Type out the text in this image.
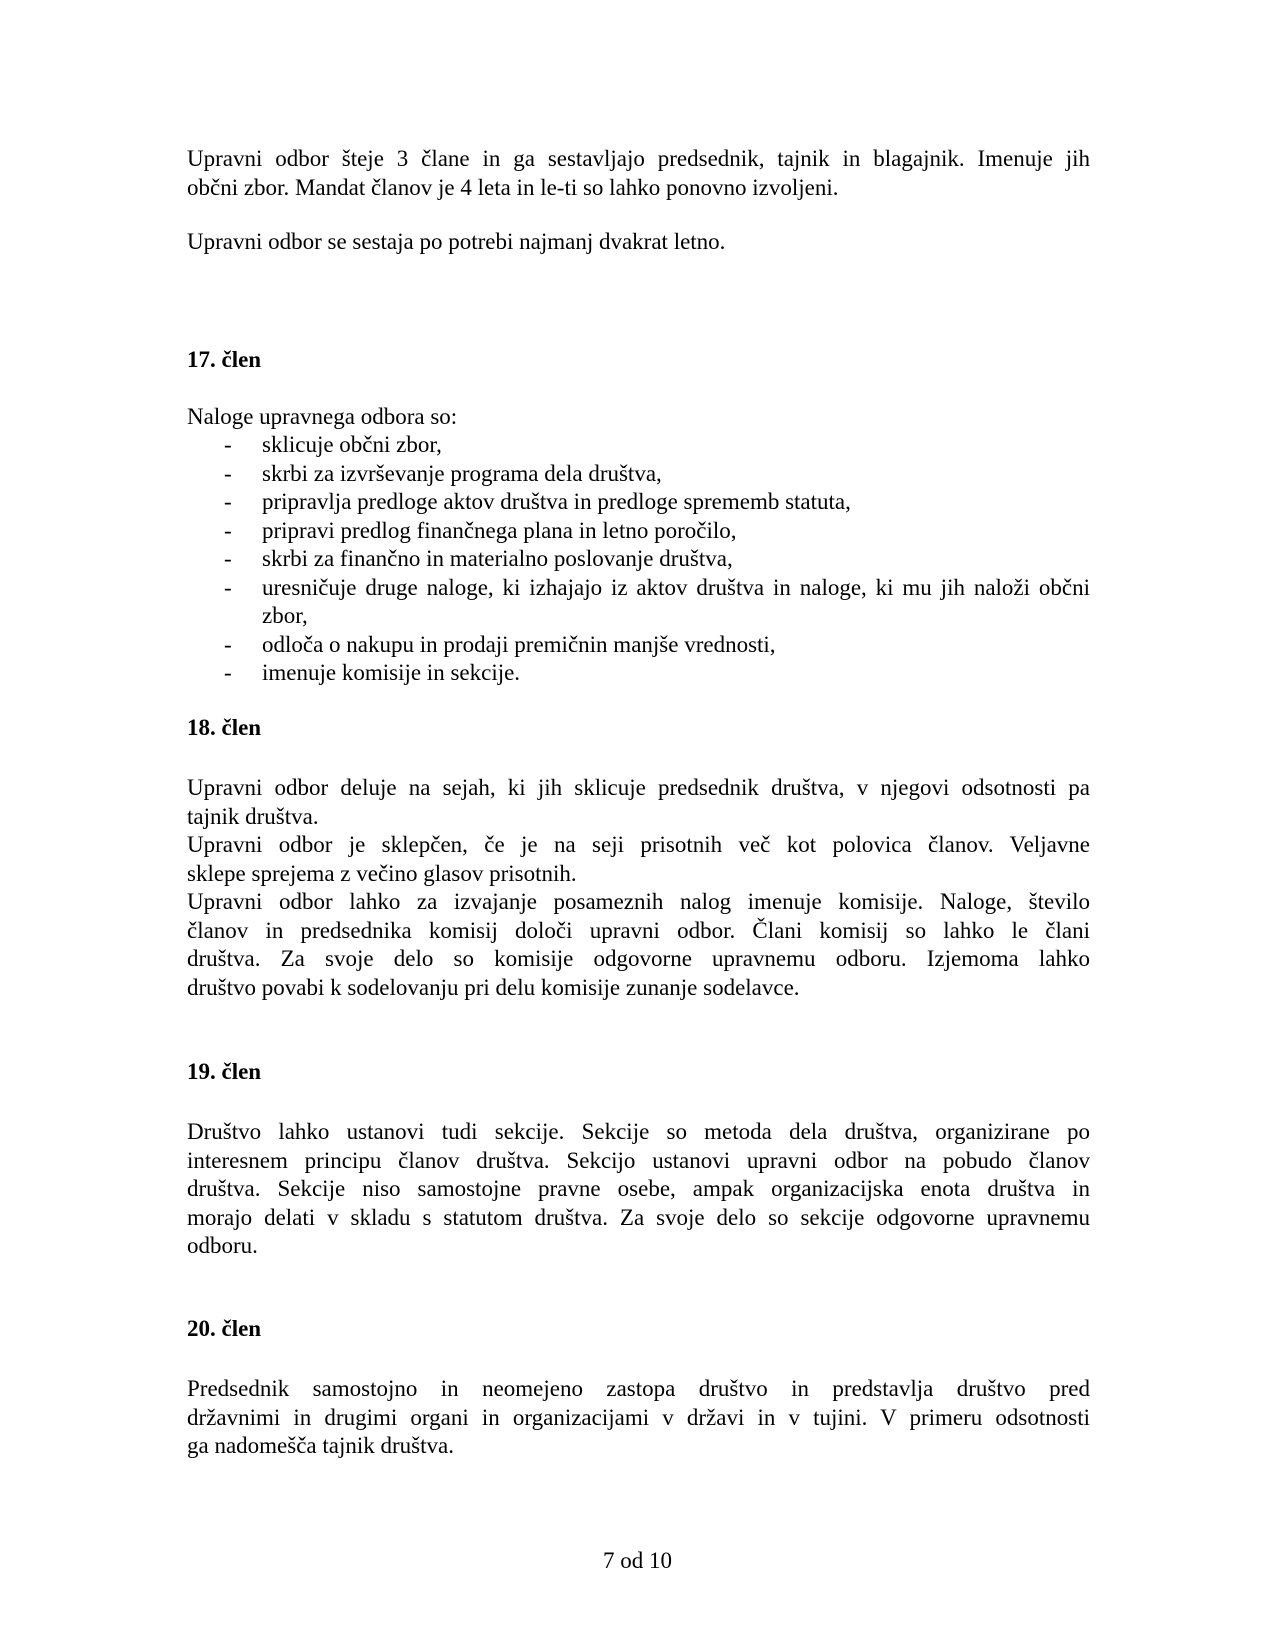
Upravni odbor šteje 3 člane in ga sestavljajo predsednik, tajnik in blagajnik. Imenuje jih
občni zbor. Mandat članov je 4 leta in le-ti so lahko ponovno izvoljeni.

Upravni odbor se sestaja po potrebi najmanj dvakrat letno.

17. člen

Naloge upravnega odbora so:

- sklicuje občni zbor,
- skrbi za izvrševanje programa dela društva,
- pripravlja predloge aktov društva in predloge sprememb statuta,
- pripravi predlog finančnega plana in letno poročilo,
- skrbi za finančno in materialno poslovanje društva,
- uresničuje druge naloge, ki izhajajo iz aktov društva in naloge, ki mu jih naloži občni zbor,
- odloča o nakupu in prodaji premičnin manjše vrednosti,
- imenuje komisije in sekcije.
18. člen

Upravni odbor deluje na sejah, ki jih sklicuje predsednik društva, v njegovi odsotnosti pa
tajnik društva.
Upravni odbor je sklepčen, če je na seji prisotnih več kot polovica članov. Veljavne
sklepe sprejema z večino glasov prisotnih.
Upravni odbor lahko za izvajanje posameznih nalog imenuje komisije. Naloge, število
članov in predsednika komisij določi upravni odbor. Člani komisij so lahko le člani
društva. Za svoje delo so komisije odgovorne upravnemu odboru. Izjemoma lahko
društvo povabi k sodelovanju pri delu komisije zunanje sodelavce.

19. člen

Društvo lahko ustanovi tudi sekcije. Sekcije so metoda dela društva, organizirane po
interesnem principu članov društva. Sekcijo ustanovi upravni odbor na pobudo članov
društva. Sekcije niso samostojne pravne osebe, ampak organizacijska enota društva in
morajo delati v skladu s statutom društva. Za svoje delo so sekcije odgovorne upravnemu
odboru.

20. člen

Predsednik samostojno in neomejeno zastopa društvo in predstavlja društvo pred
državnimi in drugimi organi in organizacijami v državi in v tujini. V primeru odsotnosti
ga nadomešča tajnik društva.

7 od 10
